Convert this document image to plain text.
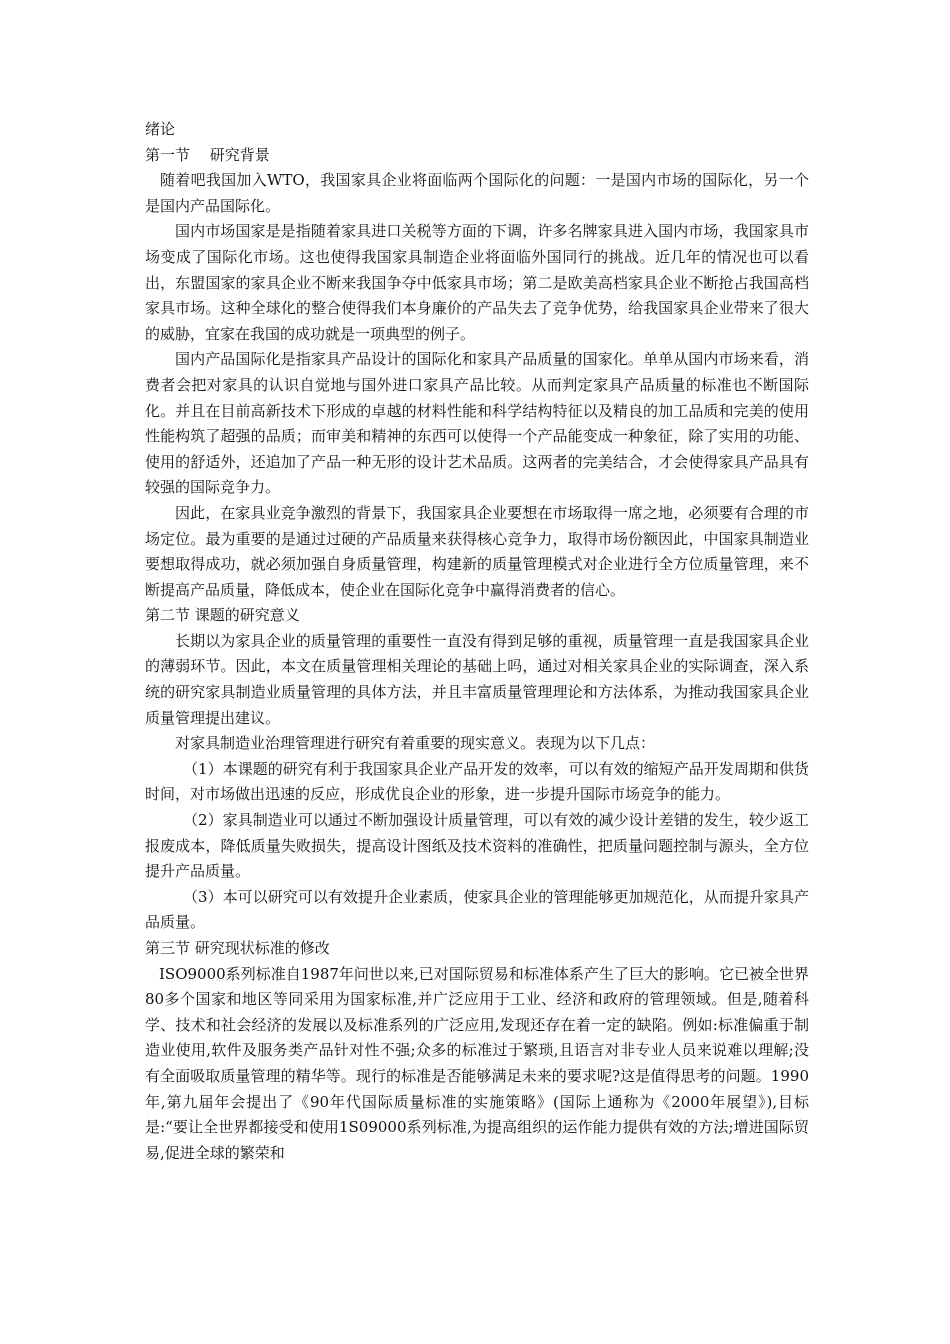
绪论
第一节　 研究背景

随着吧我国加入WTO，我国家具企业将面临两个国际化的问题：一是国内市场的国际化，另一个是国内产品国际化。

国内市场国家是是指随着家具进口关税等方面的下调，许多名牌家具进入国内市场，我国家具市场变成了国际化市场。这也使得我国家具制造企业将面临外国同行的挑战。近几年的情况也可以看出，东盟国家的家具企业不断来我国争夺中低家具市场；第二是欧美高档家具企业不断抢占我国高档家具市场。这种全球化的整合使得我们本身廉价的产品失去了竞争优势，给我国家具企业带来了很大的威胁，宜家在我国的成功就是一项典型的例子。

国内产品国际化是指家具产品设计的国际化和家具产品质量的国家化。单单从国内市场来看，消费者会把对家具的认识自觉地与国外进口家具产品比较。从而判定家具产品质量的标准也不断国际化。并且在目前高新技术下形成的卓越的材料性能和科学结构特征以及精良的加工品质和完美的使用性能构筑了超强的品质；而审美和精神的东西可以使得一个产品能变成一种象征，除了实用的功能、使用的舒适外，还追加了产品一种无形的设计艺术品质。这两者的完美结合，才会使得家具产品具有较强的国际竞争力。

因此，在家具业竞争激烈的背景下，我国家具企业要想在市场取得一席之地，必须要有合理的市场定位。最为重要的是通过过硬的产品质量来获得核心竞争力，取得市场份额因此，中国家具制造业要想取得成功，就必须加强自身质量管理，构建新的质量管理模式对企业进行全方位质量管理，来不断提高产品质量，降低成本，使企业在国际化竞争中赢得消费者的信心。

第二节 课题的研究意义

长期以为家具企业的质量管理的重要性一直没有得到足够的重视，质量管理一直是我国家具企业的薄弱环节。因此，本文在质量管理相关理论的基础上吗，通过对相关家具企业的实际调查，深入系统的研究家具制造业质量管理的具体方法，并且丰富质量管理理论和方法体系，为推动我国家具企业质量管理提出建议。

对家具制造业治理管理进行研究有着重要的现实意义。表现为以下几点：

（1）本课题的研究有利于我国家具企业产品开发的效率，可以有效的缩短产品开发周期和供货时间，对市场做出迅速的反应，形成优良企业的形象，进一步提升国际市场竞争的能力。

（2）家具制造业可以通过不断加强设计质量管理，可以有效的减少设计差错的发生，较少返工报废成本，降低质量失败损失，提高设计图纸及技术资料的准确性，把质量问题控制与源头，全方位提升产品质量。

（3）本可以研究可以有效提升企业素质，使家具企业的管理能够更加规范化，从而提升家具产品质量。

第三节 研究现状标准的修改

ISO9000系列标准自1987年问世以来,已对国际贸易和标准体系产生了巨大的影响。它已被全世界80多个国家和地区等同采用为国家标准,并广泛应用于工业、经济和政府的管理领域。但是,随着科学、技术和社会经济的发展以及标准系列的广泛应用,发现还存在着一定的缺陷。例如:标准偏重于制造业使用,软件及服务类产品针对性不强;众多的标准过于繁琐,且语言对非专业人员来说难以理解;没有全面吸取质量管理的精华等。现行的标准是否能够满足未来的要求呢?这是值得思考的问题。1990年,第九届年会提出了《90年代国际质量标准的实施策略》(国际上通称为《2000年展望》),目标是:“要让全世界都接受和使用1S09000系列标准,为提高组织的运作能力提供有效的方法;增进国际贸易,促进全球的繁荣和
